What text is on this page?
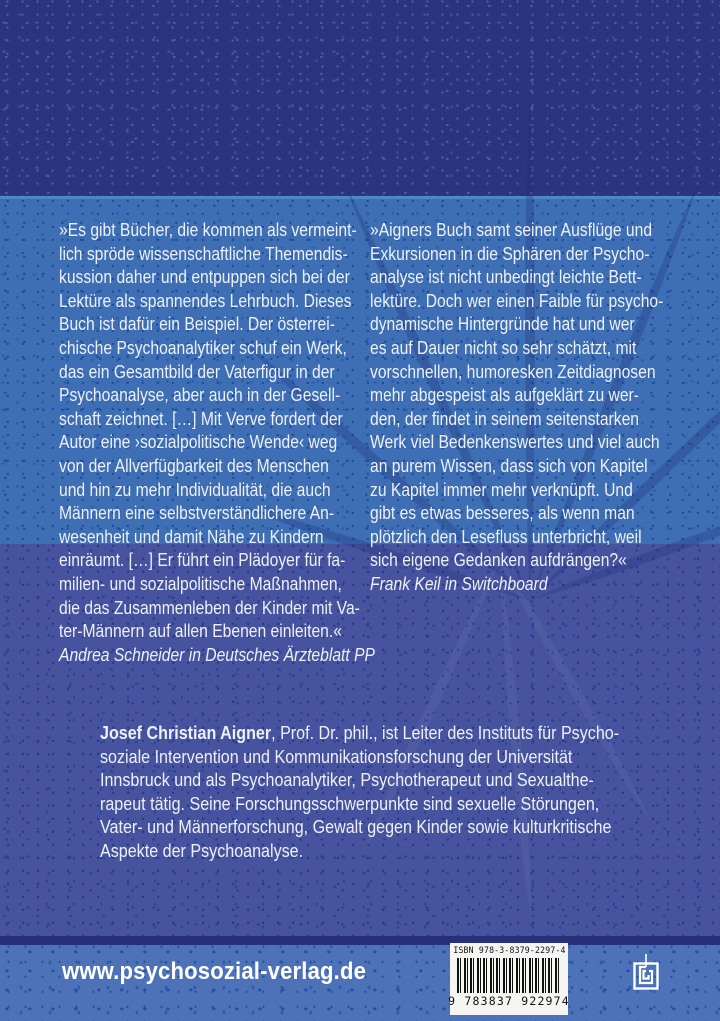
»Es gibt Bücher, die kommen als vermeint-
lich spröde wissenschaftliche Themendis-
kussion daher und entpuppen sich bei der
Lektüre als spannendes Lehrbuch. Dieses
Buch ist dafür ein Beispiel. Der österrei-
chische Psychoanalytiker schuf ein Werk,
das ein Gesamtbild der Vaterfigur in der
Psychoanalyse, aber auch in der Gesell-
schaft zeichnet. […] Mit Verve fordert der
Autor eine ›sozialpolitische Wende‹ weg
von der Allverfügbarkeit des Menschen
und hin zu mehr Individualität, die auch
Männern eine selbstverständlichere An-
wesenheit und damit Nähe zu Kindern
einräumt. […] Er führt ein Plädoyer für fa-
milien- und sozialpolitische Maßnahmen,
die das Zusammenleben der Kinder mit Va-
ter-Männern auf allen Ebenen einleiten.«
Andrea Schneider in Deutsches Ärzteblatt PP
»Aigners Buch samt seiner Ausflüge und
Exkursionen in die Sphären der Psycho-
analyse ist nicht unbedingt leichte Bett-
lektüre. Doch wer einen Faible für psycho-
dynamische Hintergründe hat und wer
es auf Dauer nicht so sehr schätzt, mit
vorschnellen, humoresken Zeitdiagnosen
mehr abgespeist als aufgeklärt zu wer-
den, der findet in seinem seitenstarken
Werk viel Bedenkenswertes und viel auch
an purem Wissen, dass sich von Kapitel
zu Kapitel immer mehr verknüpft. Und
gibt es etwas besseres, als wenn man
plötzlich den Lesefluss unterbricht, weil
sich eigene Gedanken aufdrängen?«
Frank Keil in Switchboard
Josef Christian Aigner, Prof. Dr. phil., ist Leiter des Instituts für Psycho-
soziale Intervention und Kommunikationsforschung der Universität
Innsbruck und als Psychoanalytiker, Psychotherapeut und Sexualthe-
rapeut tätig. Seine Forschungsschwerpunkte sind sexuelle Störungen,
Vater- und Männerforschung, Gewalt gegen Kinder sowie kulturkritische
Aspekte der Psychoanalyse.
www.psychosozial-verlag.de
ISBN 978-3-8379-2297-4
9 783837 922974
